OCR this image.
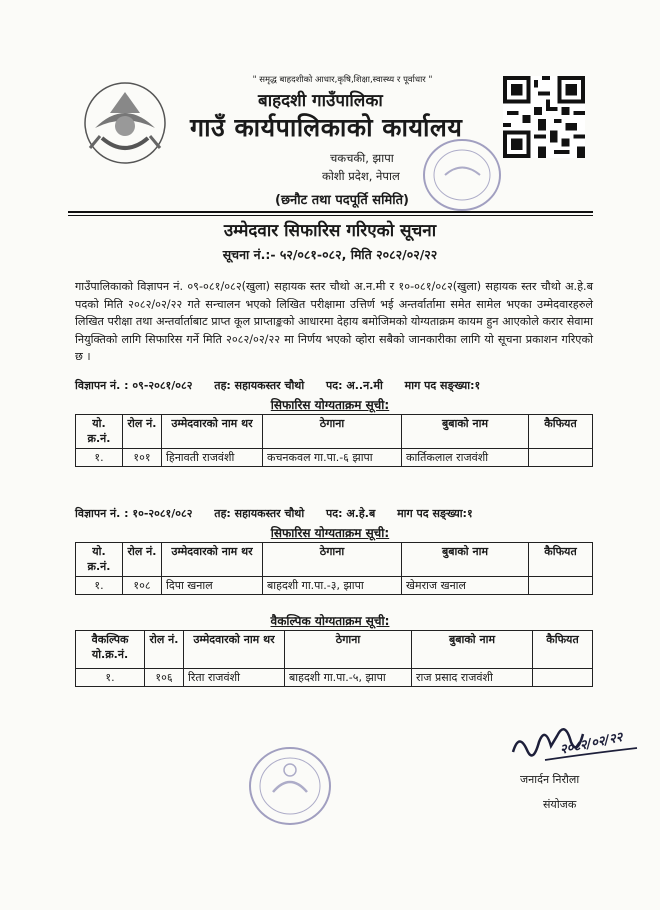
" समृद्ध बाहदशीको आधार,कृषि,शिक्षा,स्वास्थ्य र पूर्वाधार "
बाहदशी गाउँपालिका
गाउँ कार्यपालिकाको कार्यालय
चकचकी, झापा
कोशी प्रदेश, नेपाल
(छनौट तथा पदपूर्ति समिति)
उम्मेदवार सिफारिस गरिएको सूचना
सूचना नं.:- ५२/०८१-०८२, मिति २०८२/०२/२२
गाउँपालिकाको विज्ञापन नं. ०९-०८१/०८२(खुला) सहायक स्तर चौथो अ.न.मी र १०-०८१/०८२(खुला) सहायक स्तर चौथो अ.हे.ब पदको मिति २०८२/०२/२२ गते सन्चालन भएको लिखित परीक्षामा उत्तिर्ण भई अन्तर्वार्तामा समेत सामेल भएका उम्मेदवारहरुले लिखित परीक्षा तथा अन्तर्वार्ताबाट प्राप्त कूल प्राप्ताङ्कको आधारमा देहाय बमोजिमको योग्यताक्रम कायम हुन आएकोले करार सेवामा नियुक्तिको लागि सिफारिस गर्ने मिति २०८२/०२/२२ मा निर्णय भएको व्होरा सबैको जानकारीका लागि यो सूचना प्रकाशन गरिएको छ ।
विज्ञापन नं. : ०९-२०८१/०८२ तह: सहायकस्तर चौथो पद: अ..न.मी माग पद सङ्ख्या:१
सिफारिस योग्यताक्रम सूची:
यो. क्र.नं.	रोल नं.	उम्मेदवारको नाम थर	ठेगाना	बुबाको नाम	कैफियत
१.	१०१	हिनावती राजवंशी	कचनकवल गा.पा.-६ झापा	कार्तिकलाल राजवंशी	
विज्ञापन नं. : १०-२०८१/०८२ तह: सहायकस्तर चौथो पद: अ.हे.ब माग पद सङ्ख्या:१
सिफारिस योग्यताक्रम सूची:
यो. क्र.नं.	रोल नं.	उम्मेदवारको नाम थर	ठेगाना	बुबाको नाम	कैफियत
१.	१०८	दिपा खनाल	बाहदशी गा.पा.-३, झापा	खेमराज खनाल	
वैकल्पिक योग्यताक्रम सूची:
वैकल्पिक यो.क्र.नं.	रोल नं.	उम्मेदवारको नाम थर	ठेगाना	बुबाको नाम	कैफियत
१.	१०६	रिता राजवंशी	बाहदशी गा.पा.-५, झापा	राज प्रसाद राजवंशी	
२०८२/०२/२२
जनार्दन निरौला
संयोजक
